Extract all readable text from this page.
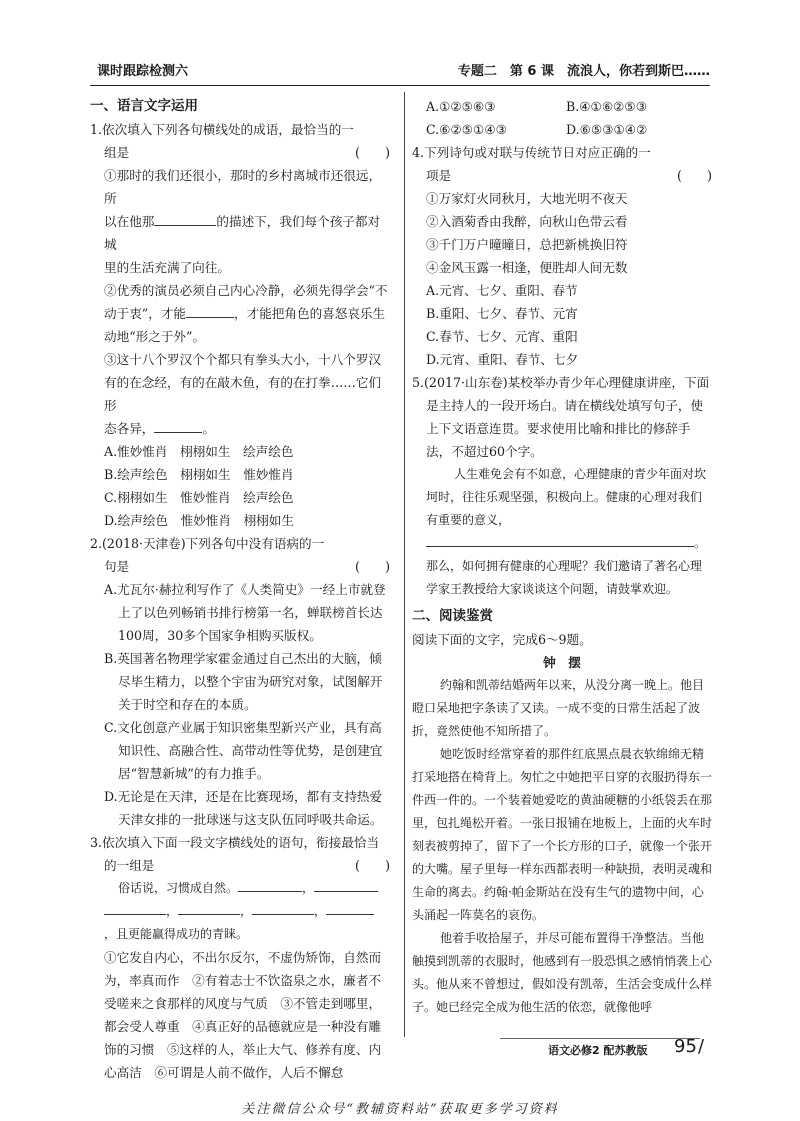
课时跟踪检测六	专题二　第 6 课　流浪人，你若到斯巴……

一、语言文字运用

1.依次填入下列各句横线处的成语，最恰当的一

组是	(　　)

①那时的我们还很小，那时的乡村离城市还很远，所

以在他那	的描述下，我们每个孩子都对城

里的生活充满了向往。

②优秀的演员必须自己内心冷静，必须先得学会“不

动于衷”，才能	，才能把角色的喜怒哀乐生

动地“形之于外”。

③这十八个罗汉个个都只有拳头大小，十八个罗汉

有的在念经，有的在敲木鱼，有的在打拳……它们形

态各异，	。

A.惟妙惟肖　栩栩如生　绘声绘色

B.绘声绘色　栩栩如生　惟妙惟肖

C.栩栩如生　惟妙惟肖　绘声绘色

D.绘声绘色　惟妙惟肖　栩栩如生

2.(2018·天津卷)下列各句中没有语病的一

句是	(　　)

A.尤瓦尔·赫拉利写作了《人类简史》一经上市就登上了以色列畅销书排行榜第一名，蝉联榜首长达100周，30多个国家争相购买版权。

B.英国著名物理学家霍金通过自己杰出的大脑，倾尽毕生精力，以整个宇宙为研究对象，试图解开关于时空和存在的本质。

C.文化创意产业属于知识密集型新兴产业，具有高知识性、高融合性、高带动性等优势，是创建宜居“智慧新城”的有力推手。

D.无论是在天津，还是在比赛现场，都有支持热爱天津女排的一批球迷与这支队伍同呼吸共命运。

3.依次填入下面一段文字横线处的语句，衔接最恰当

的一组是	(　　)

俗话说，习惯成自然。	，

，	，	，

，且更能赢得成功的青睐。

①它发自内心，不出尔反尔，不虚伪矫饰，自然而为，率真而作　②有着志士不饮盗泉之水，廉者不受嗟来之食那样的风度与气质　③不管走到哪里，都会受人尊重　④真正好的品德就应是一种没有雕饰的习惯　⑤这样的人，举止大气、修养有度、内心高洁　⑥可谓是人前不做作，人后不懈怠

A.①②⑤⑥③	B.④①⑥②⑤③

C.⑥②⑤①④③	D.⑥⑤③①④②

4.下列诗句或对联与传统节日对应正确的一

项是	(　　)

①万家灯火同秋月，大地光明不夜天

②入酒菊香由我醉，向秋山色带云看

③千门万户曈曈日，总把新桃换旧符

④金风玉露一相逢，便胜却人间无数

A.元宵、七夕、重阳、春节

B.重阳、七夕、春节、元宵

C.春节、七夕、元宵、重阳

D.元宵、重阳、春节、七夕

5.(2017·山东卷)某校举办青少年心理健康讲座，下面是主持人的一段开场白。请在横线处填写句子，使上下文语意连贯。要求使用比喻和排比的修辞手法，不超过60个字。

人生难免会有不如意，心理健康的青少年面对坎坷时，往往乐观坚强，积极向上。健康的心理对我们有重要的意义，

。

那么，如何拥有健康的心理呢？我们邀请了著名心理学家王教授给大家谈谈这个问题，请鼓掌欢迎。

二、阅读鉴赏

阅读下面的文字，完成6～9题。

钟　摆

约翰和凯蒂结婚两年以来，从没分离一晚上。他目瞪口呆地把字条读了又读。一成不变的日常生活起了波折，竟然使他不知所措了。

她吃饭时经常穿着的那件红底黑点晨衣软绵绵无精打采地搭在椅背上。匆忙之中她把平日穿的衣服扔得东一件西一件的。一个装着她爱吃的黄油硬糖的小纸袋丢在那里，包扎绳松开着。一张日报铺在地板上，上面的火车时刻表被剪掉了，留下了一个长方形的口子，就像一个张开的大嘴。屋子里每一样东西都表明一种缺损，表明灵魂和生命的离去。约翰·帕金斯站在没有生气的遗物中间，心头涌起一阵莫名的哀伤。

他着手收拾屋子，并尽可能布置得干净整洁。当他触摸到凯蒂的衣服时，他感到有一股恐惧之感悄悄袭上心头。他从来不曾想过，假如没有凯蒂，生活会变成什么样子。她已经完全成为他生活的依恋，就像他呼

语文必修2 配苏教版 95 /
关注微信公众号“教辅资料站”获取更多学习资料
